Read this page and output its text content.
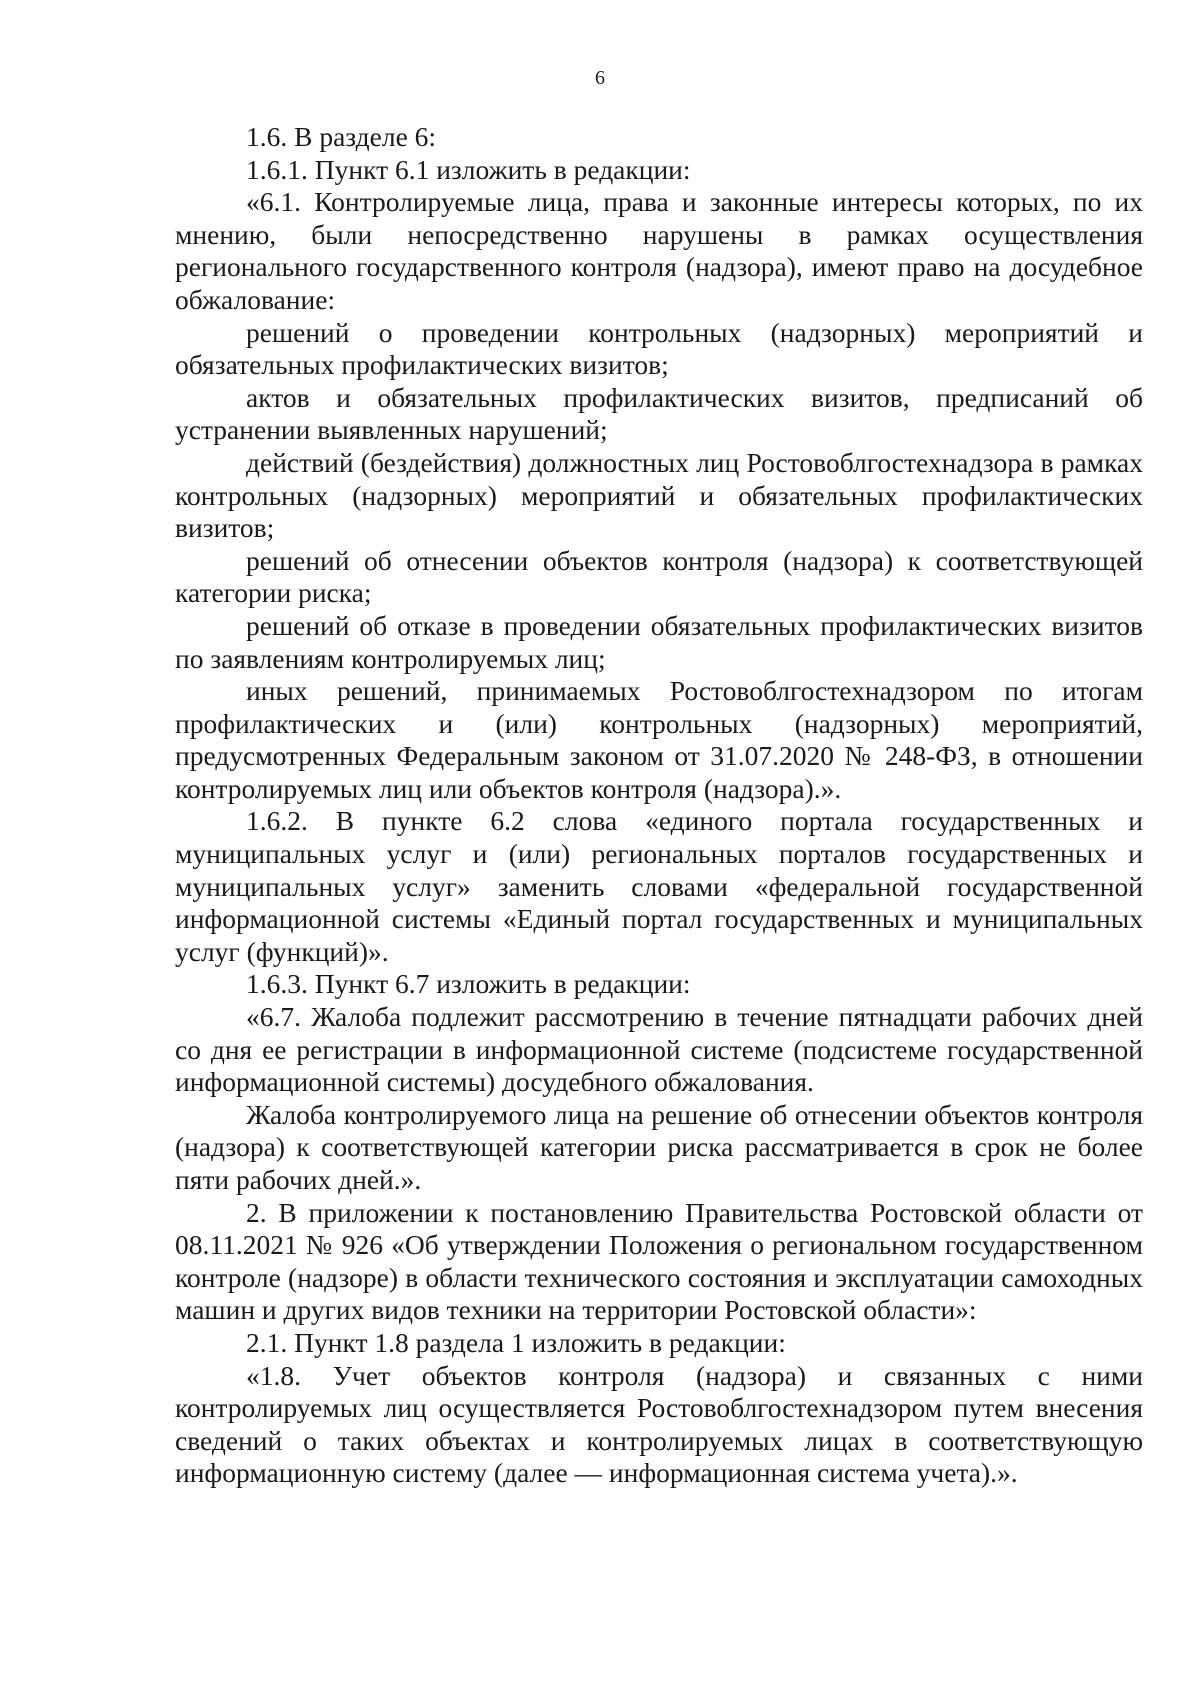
6

1.6. В разделе 6:

1.6.1. Пункт 6.1 изложить в редакции:

«6.1. Контролируемые лица, права и законные интересы которых, по их мнению, были непосредственно нарушены в рамках осуществления регионального государственного контроля (надзора), имеют право на досудебное обжалование:

решений о проведении контрольных (надзорных) мероприятий и обязательных профилактических визитов;

актов и обязательных профилактических визитов, предписаний об устранении выявленных нарушений;

действий (бездействия) должностных лиц Ростовоблгостехнадзора в рамках контрольных (надзорных) мероприятий и обязательных профилактических визитов;

решений об отнесении объектов контроля (надзора) к соответствующей категории риска;

решений об отказе в проведении обязательных профилактических визитов по заявлениям контролируемых лиц;

иных решений, принимаемых Ростовоблгостехнадзором по итогам профилактических и (или) контрольных (надзорных) мероприятий, предусмотренных Федеральным законом от 31.07.2020 № 248-ФЗ, в отношении контролируемых лиц или объектов контроля (надзора).».

1.6.2. В пункте 6.2 слова «единого портала государственных и муниципальных услуг и (или) региональных порталов государственных и муниципальных услуг» заменить словами «федеральной государственной информационной системы «Единый портал государственных и муниципальных услуг (функций)».

1.6.3. Пункт 6.7 изложить в редакции:

«6.7. Жалоба подлежит рассмотрению в течение пятнадцати рабочих дней со дня ее регистрации в информационной системе (подсистеме государственной информационной системы) досудебного обжалования.

Жалоба контролируемого лица на решение об отнесении объектов контроля (надзора) к соответствующей категории риска рассматривается в срок не более пяти рабочих дней.».

2. В приложении к постановлению Правительства Ростовской области от 08.11.2021 № 926 «Об утверждении Положения о региональном государственном контроле (надзоре) в области технического состояния и эксплуатации самоходных машин и других видов техники на территории Ростовской области»:

2.1. Пункт 1.8 раздела 1 изложить в редакции:

«1.8. Учет объектов контроля (надзора) и связанных с ними контролируемых лиц осуществляется Ростовоблгостехнадзором путем внесения сведений о таких объектах и контролируемых лицах в соответствующую информационную систему (далее — информационная система учета).».
